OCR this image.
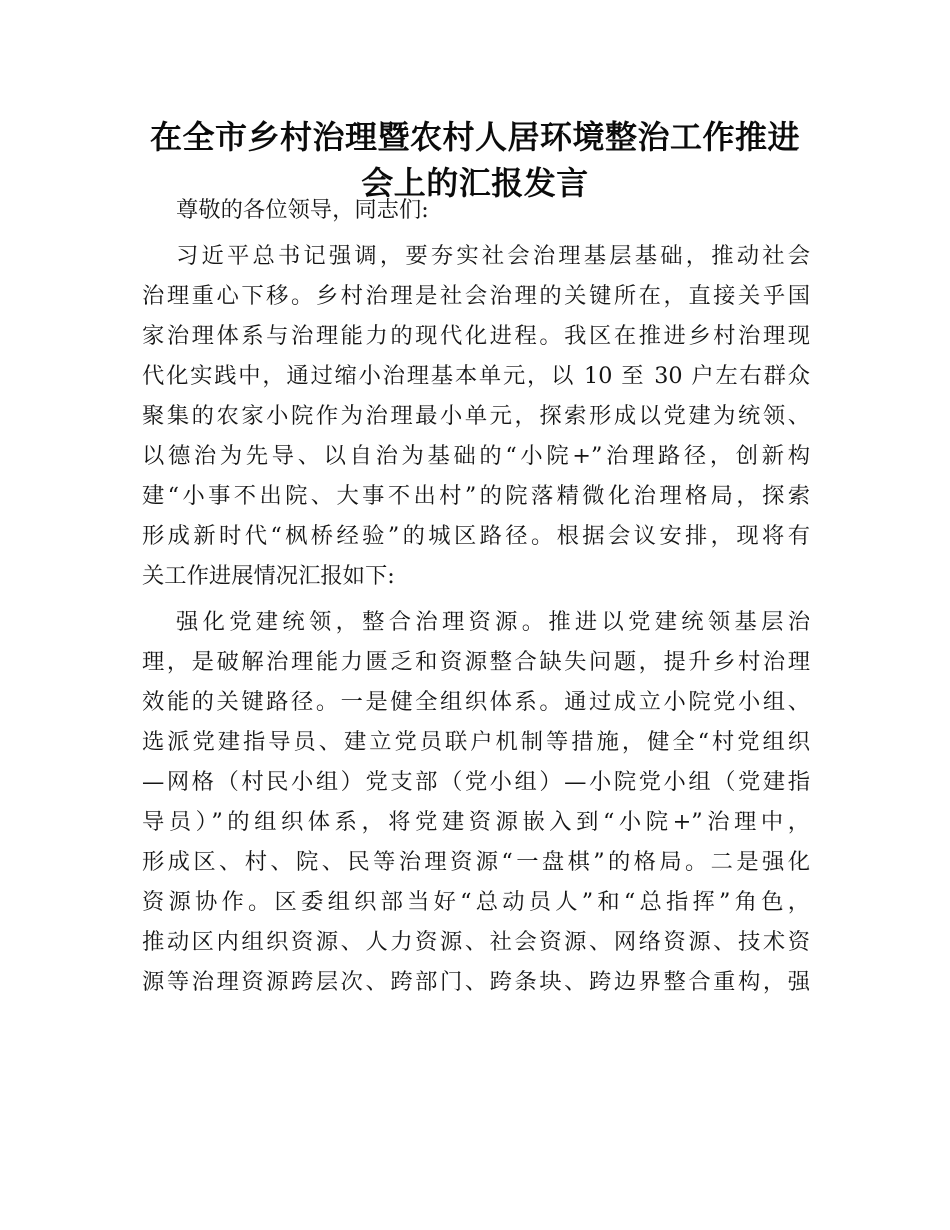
在全市乡村治理暨农村人居环境整治工作推进
会上的汇报发言
尊敬的各位领导，同志们:
习近平总书记强调，要夯实社会治理基层基础，推动社会
治理重心下移。乡村治理是社会治理的关键所在，直接关乎国
家治理体系与治理能力的现代化进程。我区在推进乡村治理现
代化实践中，通过缩小治理基本单元，以 10 至 30 户左右群众
聚集的农家小院作为治理最小单元，探索形成以党建为统领、
以德治为先导、以自治为基础的“小院+”治理路径，创新构
建“小事不出院、大事不出村”的院落精微化治理格局，探索
形成新时代“枫桥经验”的城区路径。根据会议安排，现将有
关工作进展情况汇报如下:
强化党建统领，整合治理资源。推进以党建统领基层治
理，是破解治理能力匮乏和资源整合缺失问题，提升乡村治理
效能的关键路径。一是健全组织体系。通过成立小院党小组、
选派党建指导员、建立党员联户机制等措施，健全“村党组织
—网格（村民小组）党支部（党小组）—小院党小组（党建指
导员）”的组织体系，将党建资源嵌入到“小院+”治理中，
形成区、村、院、民等治理资源“一盘棋”的格局。二是强化
资源协作。区委组织部当好“总动员人”和“总指挥”角色，
推动区内组织资源、人力资源、社会资源、网络资源、技术资
源等治理资源跨层次、跨部门、跨条块、跨边界整合重构，强
